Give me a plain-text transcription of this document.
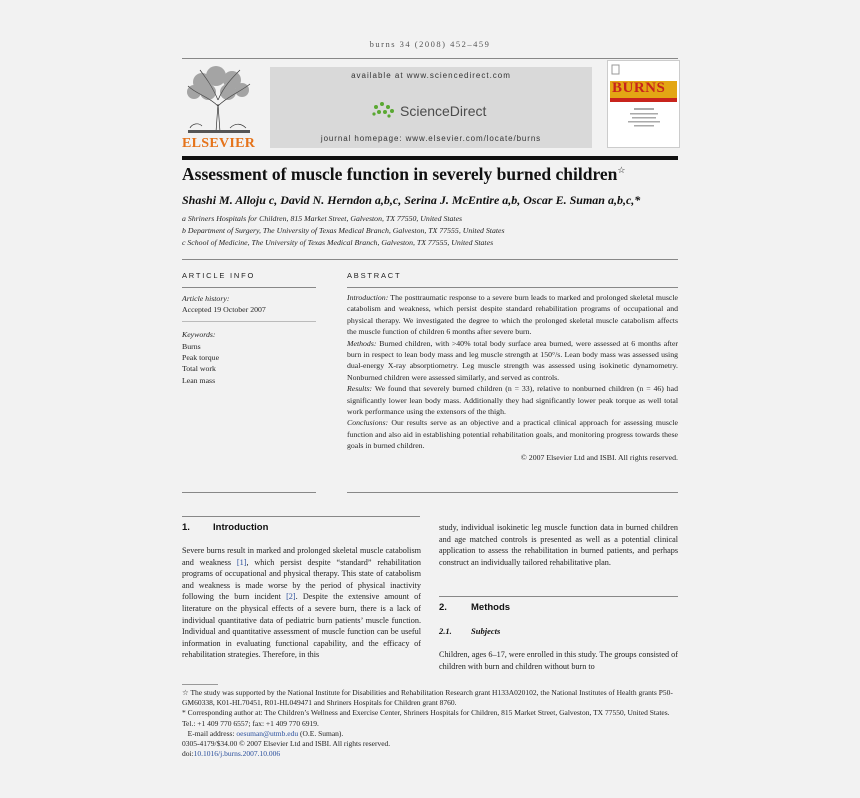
burns 34 (2008) 452–459
ELSEVIER
available at www.sciencedirect.com
ScienceDirect
journal homepage: www.elsevier.com/locate/burns
BURNS
Assessment of muscle function in severely burned children☆
Shashi M. Alloju c, David N. Herndon a,b,c, Serina J. McEntire a,b, Oscar E. Suman a,b,c,*
a Shriners Hospitals for Children, 815 Market Street, Galveston, TX 77550, United States
b Department of Surgery, The University of Texas Medical Branch, Galveston, TX 77555, United States
c School of Medicine, The University of Texas Medical Branch, Galveston, TX 77555, United States
ARTICLE INFO
Article history:
Accepted 19 October 2007
Keywords:
Burns
Peak torque
Total work
Lean mass
ABSTRACT

Introduction: The posttraumatic response to a severe burn leads to marked and prolonged skeletal muscle catabolism and weakness, which persist despite standard rehabilitation programs of occupational and physical therapy. We investigated the degree to which the prolonged skeletal muscle catabolism affects the muscle function of children 6 months after severe burn.

Methods: Burned children, with >40% total body surface area burned, were assessed at 6 months after burn in respect to lean body mass and leg muscle strength at 150°/s. Lean body mass was assessed using dual-energy X-ray absorptiometry. Leg muscle strength was assessed using isokinetic dynamometry. Nonburned children were assessed similarly, and served as controls.

Results: We found that severely burned children (n = 33), relative to nonburned children (n = 46) had significantly lower lean body mass. Additionally they had significantly lower peak torque as well total work performance using the extensors of the thigh.

Conclusions: Our results serve as an objective and a practical clinical approach for assessing muscle function and also aid in establishing potential rehabilitation goals, and monitoring progress towards these goals in burned children.

© 2007 Elsevier Ltd and ISBI. All rights reserved.

1. Introduction

Severe burns result in marked and prolonged skeletal muscle catabolism and weakness [1], which persist despite “standard” rehabilitation programs of occupational and physical therapy. This state of catabolism and weakness is made worse by the period of physical inactivity following the burn incident [2]. Despite the extensive amount of literature on the physical effects of a severe burn, there is a lack of individual quantitative data of pediatric burn patients’ muscle function. Individual and quantitative assessment of muscle function can be useful information in evaluating functional capability, and the efficacy of rehabilitation strategies. Therefore, in this

study, individual isokinetic leg muscle function data in burned children and age matched controls is presented as well as a potential clinical application to assess the rehabilitation in burned patients, and perhaps construct an individually tailored rehabilitative plan.
2.	Methods
2.1. Subjects
Children, ages 6–17, were enrolled in this study. The groups consisted of children with burn and children without burn to

☆ The study was supported by the National Institute for Disabilities and Rehabilitation Research grant H133A020102, the National Institutes of Health grants P50-GM60338, K01-HL70451, R01-HL049471 and Shriners Hospitals for Children grant 8760.

* Corresponding author at: The Children’s Wellness and Exercise Center, Shriners Hospitals for Children, 815 Market Street, Galveston, TX 77550, United States. Tel.: +1 409 770 6557; fax: +1 409 770 6919.

E-mail address: oesuman@utmb.edu (O.E. Suman).

0305-4179/$34.00 © 2007 Elsevier Ltd and ISBI. All rights reserved.

doi:10.1016/j.burns.2007.10.006
